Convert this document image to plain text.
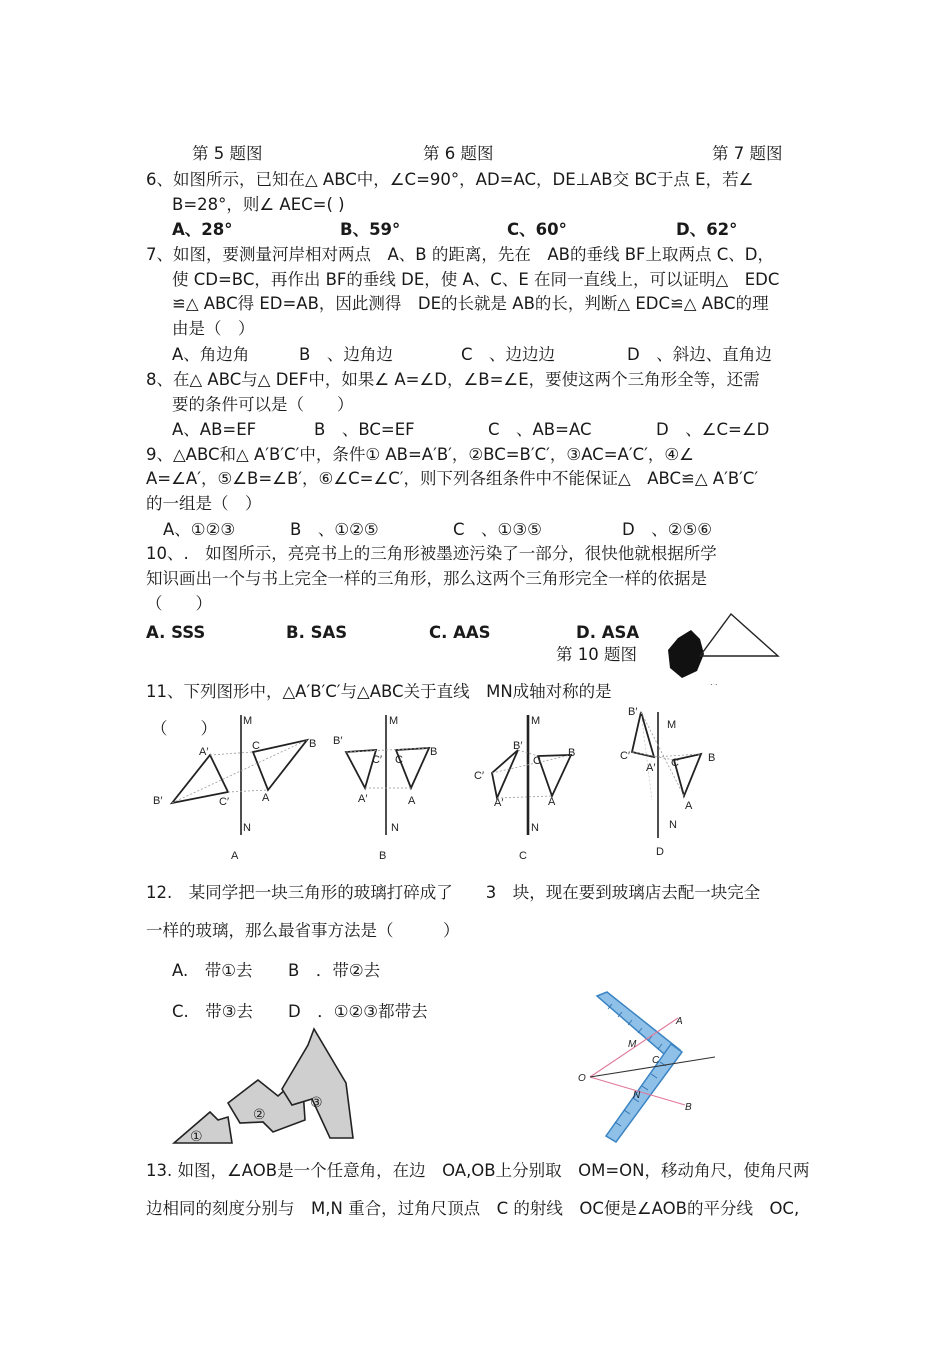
第 5 题图	第 6 题图	第 7 题图
6、如图所示，已知在△ ABC中，∠C=90°，AD=AC，DE⊥AB交 BC于点 E，若∠
B=28°，则∠ AEC=( )
A、28°	B、59°	C、60°	D、62°
7、如图，要测量河岸相对两点　A、B 的距离，先在　AB的垂线 BF上取两点 C、D，
使 CD=BC，再作出 BF的垂线 DE，使 A、C、E 在同一直线上，可以证明△　EDC
≌△ ABC得 ED=AB，因此测得　DE的长就是 AB的长，判断△ EDC≌△ ABC的理
由是（　）
A、角边角	B　、边角边	C　、边边边	D　、斜边、直角边
8、在△ ABC与△ DEF中，如果∠ A=∠D，∠B=∠E，要使这两个三角形全等，还需
要的条件可以是（　　）
A、AB=EF	B　、BC=EF	C　、AB=AC	D　、∠C=∠D
9、△ABC和△ A′B′C′中，条件① AB=A′B′，②BC=B′C′，③AC=A′C′，④∠
A=∠A′，⑤∠B=∠B′，⑥∠C=∠C′，则下列各组条件中不能保证△　ABC≌△ A′B′C′
的一组是（　）
A、①②③	B　、①②⑤	C　、①③⑤	D　、②⑤⑥
10、.　如图所示，亮亮书上的三角形被墨迹污染了一部分，很快他就根据所学
知识画出一个与书上完全一样的三角形，那么这两个三角形完全一样的依据是
（　　）
A. SSS	B. SAS	C. AAS	D. ASA
第 10 题图
· ·
11、下列图形中，△A′B′C′与△ABC关于直线　MN成轴对称的是
（　　） M
N
A′
B′	C′
C	B
A
A
M
N
B′
C′
A′
C
B
A
B
M
N
B′
C′
A′
C
B
A
C
B′
M
C′
A′ C	B
A
N
D
12.　某同学把一块三角形的玻璃打碎成了　　3　块，现在要到玻璃店去配一块完全
一样的玻璃，那么最省事方法是（　　　）
A.　带①去 B　．带②去
C.　带③去 D　．①②③都带去
①
②
③
O
A
B
M
N
C
13. 如图，∠AOB是一个任意角，在边　OA,OB上分别取　OM=ON，移动角尺，使角尺两
边相同的刻度分别与　M,N 重合，过角尺顶点　C 的射线　OC便是∠AOB的平分线　OC,
